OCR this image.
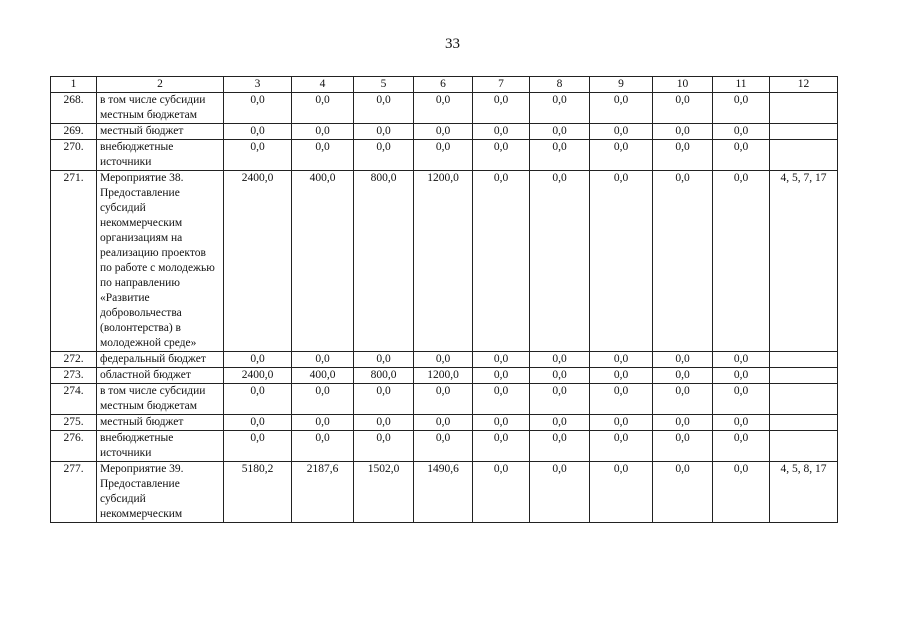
33
1	2	3	4	5	6	7	8	9	10	11	12
268.	в том числе субсидии местным бюджетам	0,0	0,0	0,0	0,0	0,0	0,0	0,0	0,0	0,0	
269.	местный бюджет	0,0	0,0	0,0	0,0	0,0	0,0	0,0	0,0	0,0	
270.	внебюджетные источники	0,0	0,0	0,0	0,0	0,0	0,0	0,0	0,0	0,0	
271.	Мероприятие 38. Предоставление субсидий некоммерческим организациям на реализацию проектов по работе с молодежью по направлению «Развитие добровольчества (волонтерства) в молодежной среде»	2400,0	400,0	800,0	1200,0	0,0	0,0	0,0	0,0	0,0	4, 5, 7, 17
272.	федеральный бюджет	0,0	0,0	0,0	0,0	0,0	0,0	0,0	0,0	0,0	
273.	областной бюджет	2400,0	400,0	800,0	1200,0	0,0	0,0	0,0	0,0	0,0	
274.	в том числе субсидии местным бюджетам	0,0	0,0	0,0	0,0	0,0	0,0	0,0	0,0	0,0	
275.	местный бюджет	0,0	0,0	0,0	0,0	0,0	0,0	0,0	0,0	0,0	
276.	внебюджетные источники	0,0	0,0	0,0	0,0	0,0	0,0	0,0	0,0	0,0	
277.	Мероприятие 39. Предоставление субсидий некоммерческим	5180,2	2187,6	1502,0	1490,6	0,0	0,0	0,0	0,0	0,0	4, 5, 8, 17
